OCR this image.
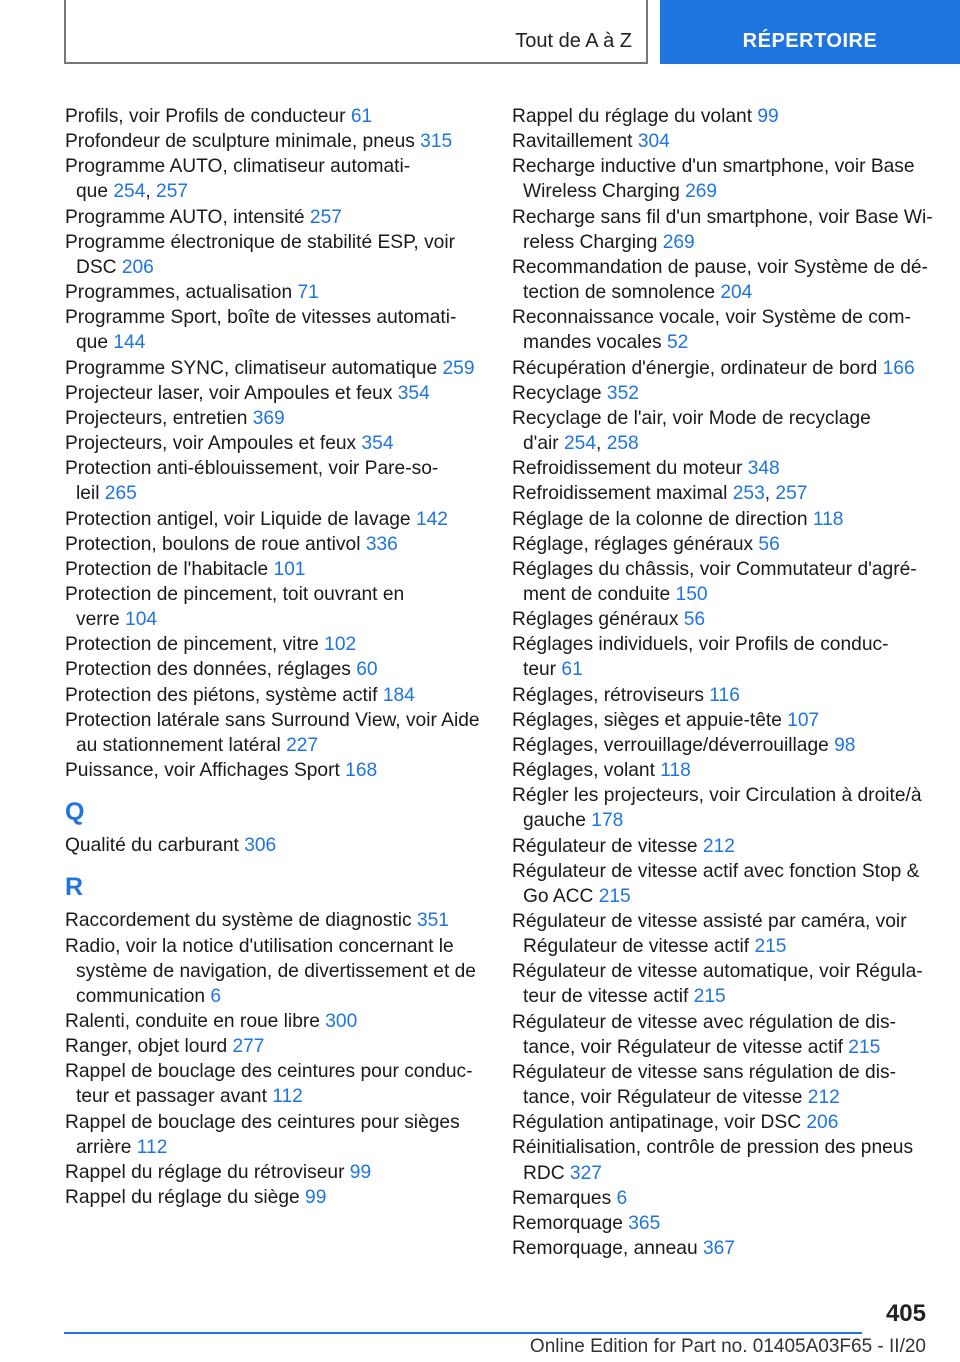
Tout de A à Z	RÉPERTOIRE
Profils, voir Profils de conducteur 61
Profondeur de sculpture minimale, pneus 315
Programme AUTO, climatiseur automati-
que 254, 257
Programme AUTO, intensité 257
Programme électronique de stabilité ESP, voir
DSC 206
Programmes, actualisation 71
Programme Sport, boîte de vitesses automati-
que 144
Programme SYNC, climatiseur automatique 259
Projecteur laser, voir Ampoules et feux 354
Projecteurs, entretien 369
Projecteurs, voir Ampoules et feux 354
Protection anti-éblouissement, voir Pare-so-
leil 265
Protection antigel, voir Liquide de lavage 142
Protection, boulons de roue antivol 336
Protection de l'habitacle 101
Protection de pincement, toit ouvrant en
verre 104
Protection de pincement, vitre 102
Protection des données, réglages 60
Protection des piétons, système actif 184
Protection latérale sans Surround View, voir Aide
au stationnement latéral 227
Puissance, voir Affichages Sport 168
Q
Qualité du carburant 306
R
Raccordement du système de diagnostic 351
Radio, voir la notice d'utilisation concernant le
système de navigation, de divertissement et de
communication 6
Ralenti, conduite en roue libre 300
Ranger, objet lourd 277
Rappel de bouclage des ceintures pour conduc-
teur et passager avant 112
Rappel de bouclage des ceintures pour sièges
arrière 112
Rappel du réglage du rétroviseur 99
Rappel du réglage du siège 99
Rappel du réglage du volant 99
Ravitaillement 304
Recharge inductive d'un smartphone, voir Base
Wireless Charging 269
Recharge sans fil d'un smartphone, voir Base Wi-
reless Charging 269
Recommandation de pause, voir Système de dé-
tection de somnolence 204
Reconnaissance vocale, voir Système de com-
mandes vocales 52
Récupération d'énergie, ordinateur de bord 166
Recyclage 352
Recyclage de l'air, voir Mode de recyclage
d'air 254, 258
Refroidissement du moteur 348
Refroidissement maximal 253, 257
Réglage de la colonne de direction 118
Réglage, réglages généraux 56
Réglages du châssis, voir Commutateur d'agré-
ment de conduite 150
Réglages généraux 56
Réglages individuels, voir Profils de conduc-
teur 61
Réglages, rétroviseurs 116
Réglages, sièges et appuie-tête 107
Réglages, verrouillage/déverrouillage 98
Réglages, volant 118
Régler les projecteurs, voir Circulation à droite/à
gauche 178
Régulateur de vitesse 212
Régulateur de vitesse actif avec fonction Stop &
Go ACC 215
Régulateur de vitesse assisté par caméra, voir
Régulateur de vitesse actif 215
Régulateur de vitesse automatique, voir Régula-
teur de vitesse actif 215
Régulateur de vitesse avec régulation de dis-
tance, voir Régulateur de vitesse actif 215
Régulateur de vitesse sans régulation de dis-
tance, voir Régulateur de vitesse 212
Régulation antipatinage, voir DSC 206
Réinitialisation, contrôle de pression des pneus
RDC 327
Remarques 6
Remorquage 365
Remorquage, anneau 367
405
Online Edition for Part no. 01405A03F65 - II/20
